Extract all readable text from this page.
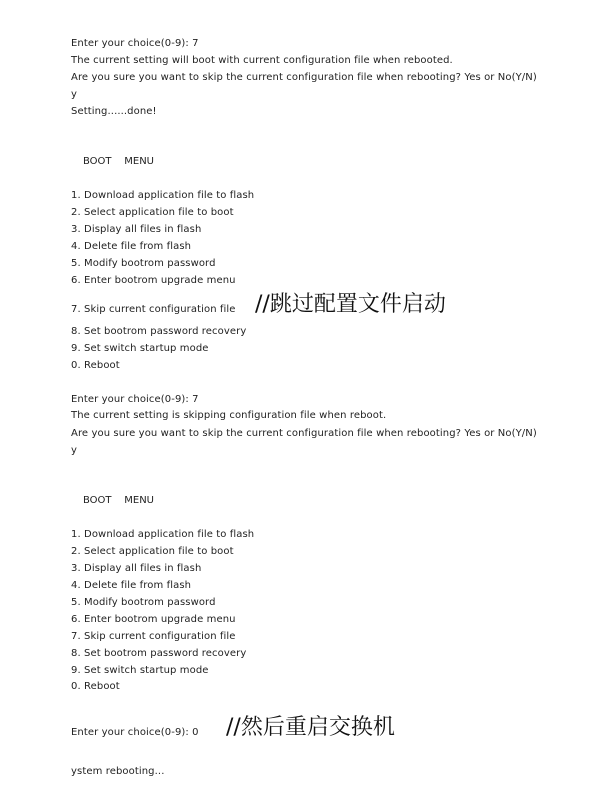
Enter your choice(0-9): 7
The current setting will boot with current configuration file when rebooted.
Are you sure you want to skip the current configuration file when rebooting? Yes or No(Y/N)
y
Setting......done!
BOOT    MENU
1. Download application file to flash
2. Select application file to boot
3. Display all files in flash
4. Delete file from flash
5. Modify bootrom password
6. Enter bootrom upgrade menu
7. Skip current configuration file //跳过配置文件启动
8. Set bootrom password recovery
9. Set switch startup mode
0. Reboot
Enter your choice(0-9): 7
The current setting is skipping configuration file when reboot.
Are you sure you want to skip the current configuration file when rebooting? Yes or No(Y/N)
y
BOOT    MENU
1. Download application file to flash
2. Select application file to boot
3. Display all files in flash
4. Delete file from flash
5. Modify bootrom password
6. Enter bootrom upgrade menu
7. Skip current configuration file
8. Set bootrom password recovery
9. Set switch startup mode
0. Reboot
Enter your choice(0-9): 0 //然后重启交换机
ystem rebooting...
